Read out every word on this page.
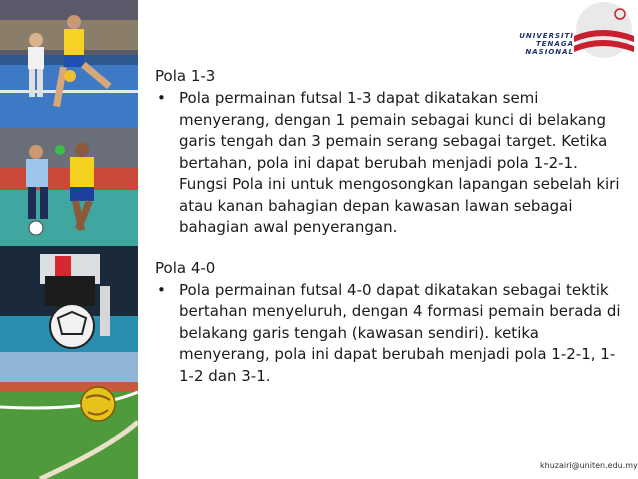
UNIVERSITI
TENAGA
NASIONAL
Pola 1-3
• Pola permainan futsal 1-3 dapat dikatakan semi menyerang, dengan 1 pemain sebagai kunci di belakang garis tengah dan 3 pemain serang sebagai target. Ketika bertahan, pola ini dapat berubah menjadi pola 1-2-1. Fungsi Pola ini untuk mengosongkan lapangan sebelah kiri atau kanan bahagian depan kawasan lawan sebagai bahagian awal penyerangan.
Pola 4-0
• Pola permainan futsal 4-0 dapat dikatakan sebagai tektik bertahan menyeluruh, dengan 4 formasi pemain berada di belakang garis tengah (kawasan sendiri). ketika menyerang, pola ini dapat berubah menjadi pola 1-2-1, 1-1-2 dan 3-1.
khuzairi@uniten.edu.my
